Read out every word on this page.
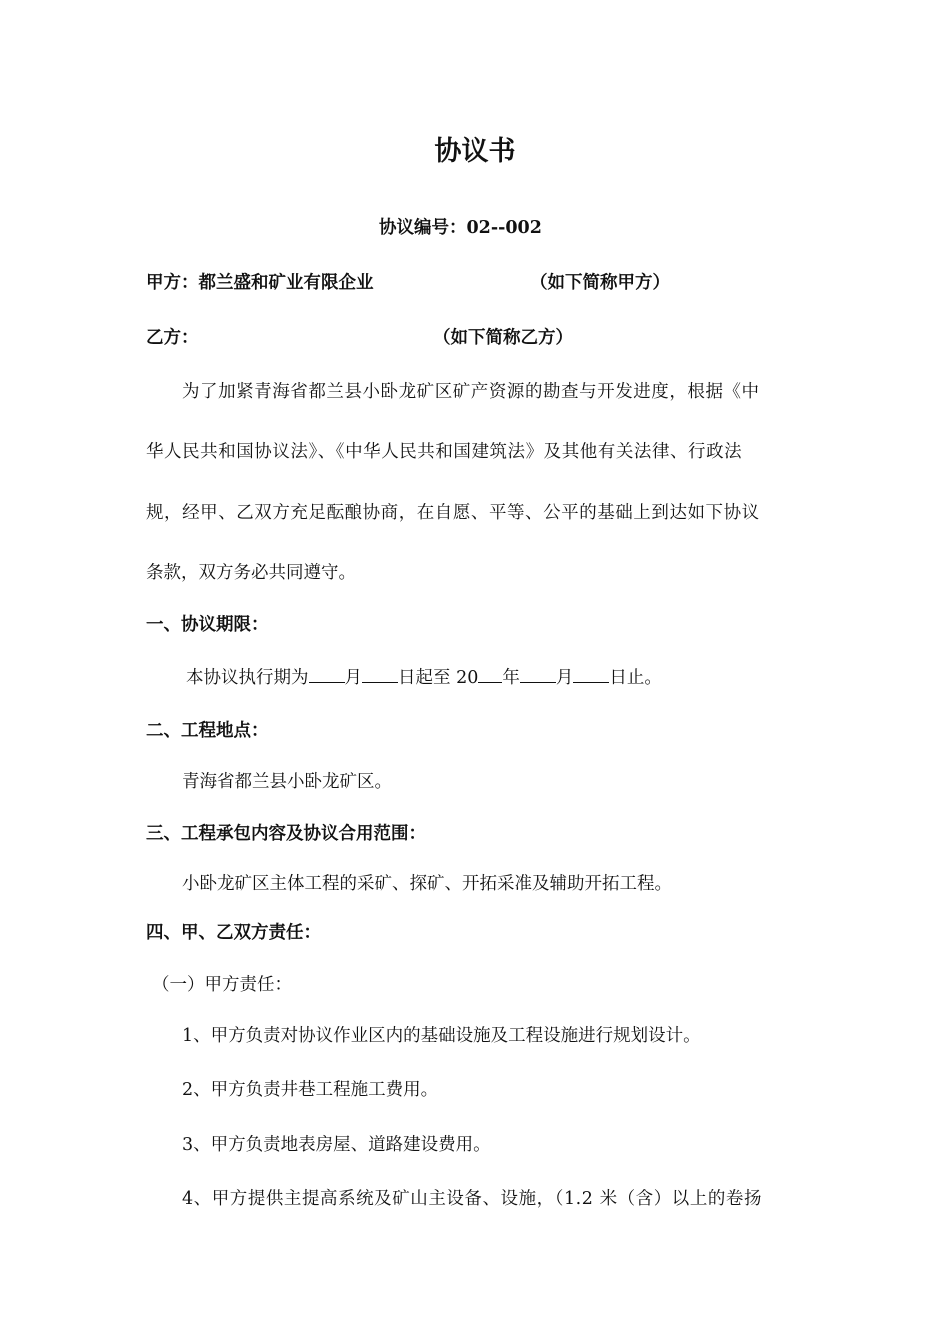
协议书
协议编号：02--002
甲方：都兰盛和矿业有限企业	（如下简称甲方）
乙方：	（如下简称乙方）
为了加紧青海省都兰县小卧龙矿区矿产资源的勘查与开发进度，根据《中
华人民共和国协议法》、《中华人民共和国建筑法》及其他有关法律、行政法
规，经甲、乙双方充足酝酿协商，在自愿、平等、公平的基础上到达如下协议
条款，双方务必共同遵守。
一、协议期限：
本协议执行期为 月 日起至 20 年 月 日止。
二、工程地点：
青海省都兰县小卧龙矿区。
三、工程承包内容及协议合用范围：
小卧龙矿区主体工程的采矿、探矿、开拓采准及辅助开拓工程。
四、甲、乙双方责任：
（一）甲方责任：
1、甲方负责对协议作业区内的基础设施及工程设施进行规划设计。
2、甲方负责井巷工程施工费用。
3、甲方负责地表房屋、道路建设费用。
4、甲方提供主提高系统及矿山主设备、设施，（1.2 米（含）以上的卷扬
